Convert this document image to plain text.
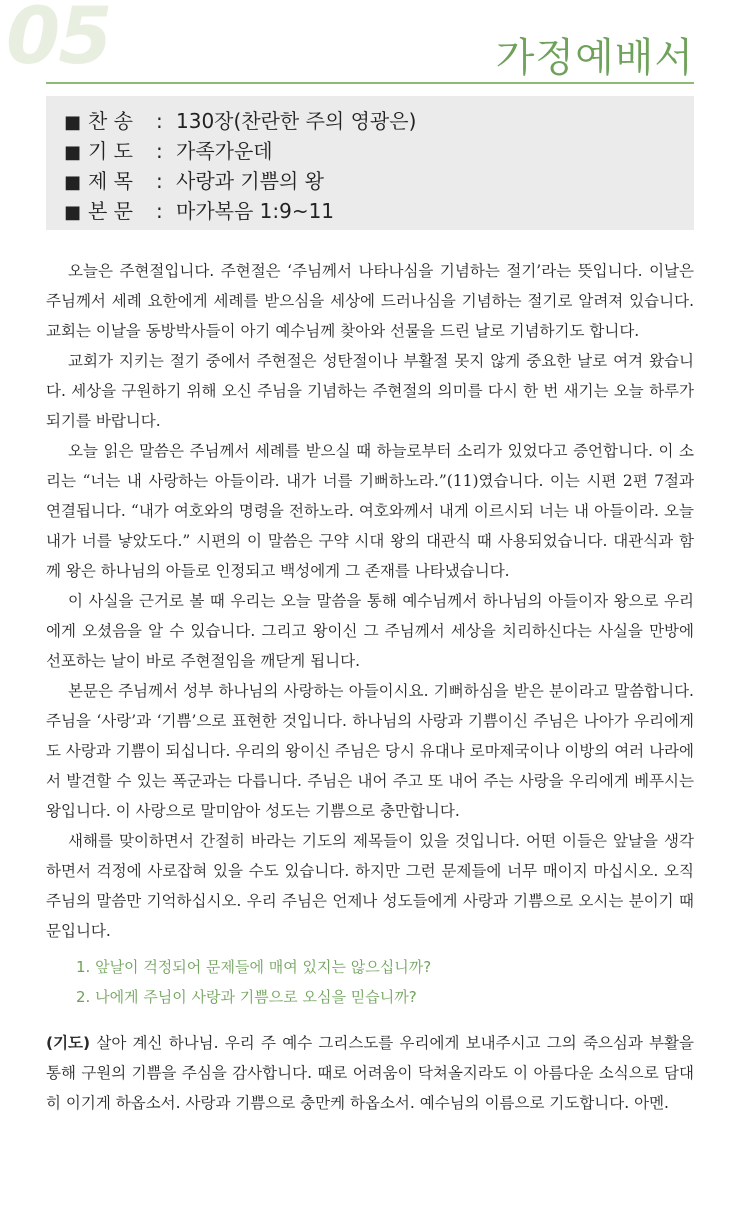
05	가정예배서
■ 찬 송 : 130장(찬란한 주의 영광은)
■ 기 도 : 가족가운데
■ 제 목 : 사랑과 기쁨의 왕
■ 본 문 : 마가복음 1:9~11

오늘은 주현절입니다. 주현절은 ‘주님께서 나타나심을 기념하는 절기’라는 뜻입니다. 이날은 주님께서 세례 요한에게 세례를 받으심을 세상에 드러나심을 기념하는 절기로 알려져 있습니다. 교회는 이날을 동방박사들이 아기 예수님께 찾아와 선물을 드린 날로 기념하기도 합니다.

교회가 지키는 절기 중에서 주현절은 성탄절이나 부활절 못지 않게 중요한 날로 여겨 왔습니다. 세상을 구원하기 위해 오신 주님을 기념하는 주현절의 의미를 다시 한 번 새기는 오늘 하루가 되기를 바랍니다.

오늘 읽은 말씀은 주님께서 세례를 받으실 때 하늘로부터 소리가 있었다고 증언합니다. 이 소리는 “너는 내 사랑하는 아들이라. 내가 너를 기뻐하노라.”(11)였습니다. 이는 시편 2편 7절과 연결됩니다. “내가 여호와의 명령을 전하노라. 여호와께서 내게 이르시되 너는 내 아들이라. 오늘 내가 너를 낳았도다.” 시편의 이 말씀은 구약 시대 왕의 대관식 때 사용되었습니다. 대관식과 함께 왕은 하나님의 아들로 인정되고 백성에게 그 존재를 나타냈습니다.

이 사실을 근거로 볼 때 우리는 오늘 말씀을 통해 예수님께서 하나님의 아들이자 왕으로 우리에게 오셨음을 알 수 있습니다. 그리고 왕이신 그 주님께서 세상을 치리하신다는 사실을 만방에 선포하는 날이 바로 주현절임을 깨닫게 됩니다.

본문은 주님께서 성부 하나님의 사랑하는 아들이시요. 기뻐하심을 받은 분이라고 말씀합니다. 주님을 ‘사랑’과 ‘기쁨’으로 표현한 것입니다. 하나님의 사랑과 기쁨이신 주님은 나아가 우리에게도 사랑과 기쁨이 되십니다. 우리의 왕이신 주님은 당시 유대나 로마제국이나 이방의 여러 나라에서 발견할 수 있는 폭군과는 다릅니다. 주님은 내어 주고 또 내어 주는 사랑을 우리에게 베푸시는 왕입니다. 이 사랑으로 말미암아 성도는 기쁨으로 충만합니다.

새해를 맞이하면서 간절히 바라는 기도의 제목들이 있을 것입니다. 어떤 이들은 앞날을 생각하면서 걱정에 사로잡혀 있을 수도 있습니다. 하지만 그런 문제들에 너무 매이지 마십시오. 오직 주님의 말씀만 기억하십시오. 우리 주님은 언제나 성도들에게 사랑과 기쁨으로 오시는 분이기 때문입니다.

1. 앞날이 걱정되어 문제들에 매여 있지는 않으십니까?
2. 나에게 주님이 사랑과 기쁨으로 오심을 믿습니까?
(기도) 살아 계신 하나님. 우리 주 예수 그리스도를 우리에게 보내주시고 그의 죽으심과 부활을 통해 구원의 기쁨을 주심을 감사합니다. 때로 어려움이 닥쳐올지라도 이 아름다운 소식으로 담대히 이기게 하옵소서. 사랑과 기쁨으로 충만케 하옵소서. 예수님의 이름으로 기도합니다. 아멘.
